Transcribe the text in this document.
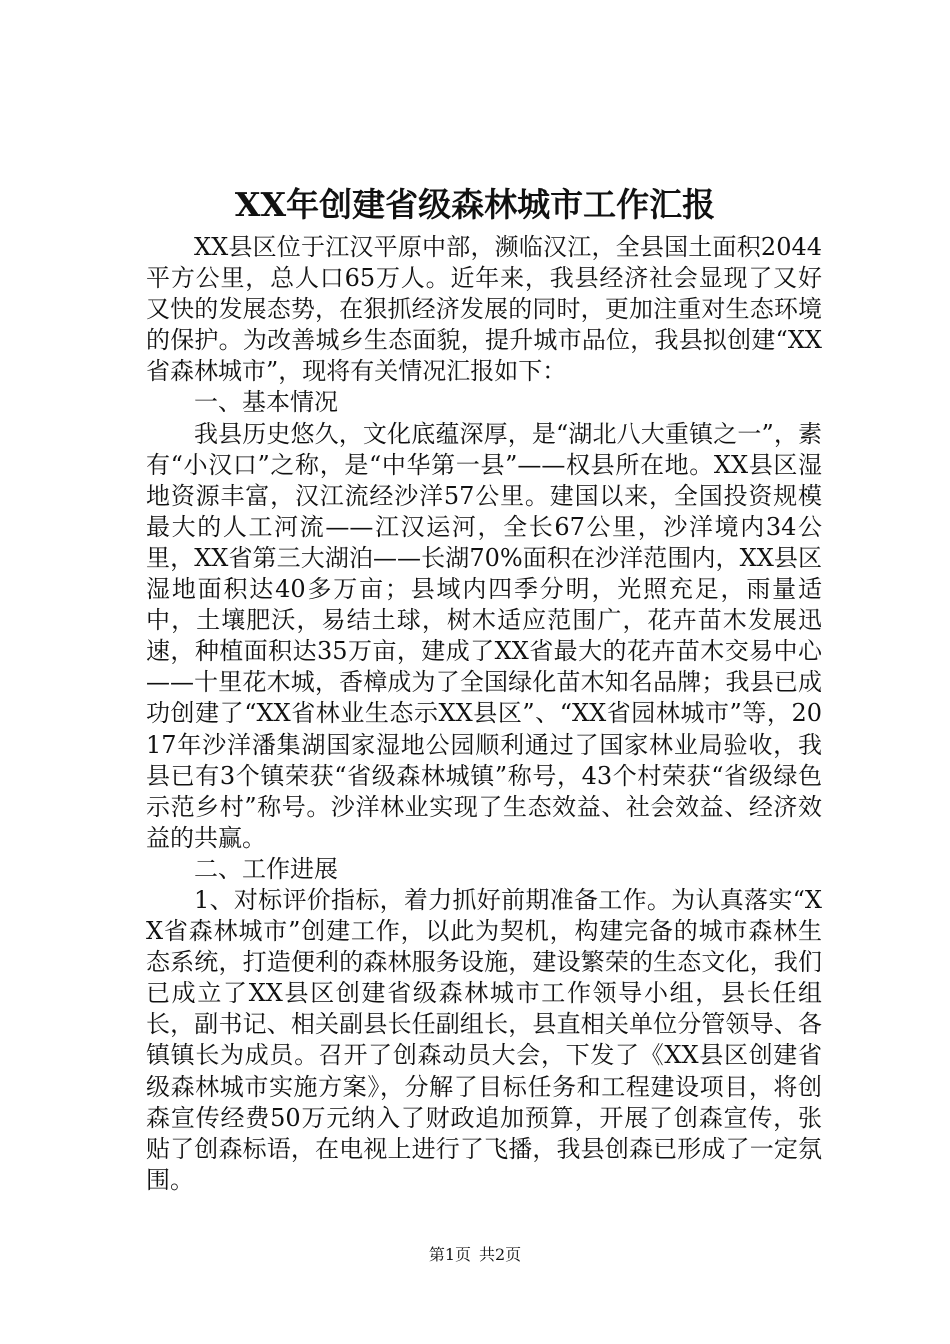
XX年创建省级森林城市工作汇报

XX县区位于江汉平原中部，濒临汉江，全县国土面积2044平方公里，总人口65万人。近年来，我县经济社会显现了又好又快的发展态势，在狠抓经济发展的同时，更加注重对生态环境的保护。为改善城乡生态面貌，提升城市品位，我县拟创建“XX省森林城市”，现将有关情况汇报如下：

一、基本情况

我县历史悠久，文化底蕴深厚，是“湖北八大重镇之一”，素有“小汉口”之称，是“中华第一县”——权县所在地。XX县区湿地资源丰富，汉江流经沙洋57公里。建国以来，全国投资规模最大的人工河流——江汉运河，全长67公里，沙洋境内34公里，XX省第三大湖泊——长湖70%面积在沙洋范围内，XX县区湿地面积达40多万亩；县域内四季分明，光照充足，雨量适中，土壤肥沃，易结土球，树木适应范围广，花卉苗木发展迅速，种植面积达35万亩，建成了XX省最大的花卉苗木交易中心——十里花木城，香樟成为了全国绿化苗木知名品牌；我县已成功创建了“XX省林业生态示XX县区”、“XX省园林城市”等，2017年沙洋潘集湖国家湿地公园顺利通过了国家林业局验收，我县已有3个镇荣获“省级森林城镇”称号，43个村荣获“省级绿色示范乡村”称号。沙洋林业实现了生态效益、社会效益、经济效益的共赢。

二、工作进展

1、对标评价指标，着力抓好前期准备工作。为认真落实“XX省森林城市”创建工作，以此为契机，构建完备的城市森林生态系统，打造便利的森林服务设施，建设繁荣的生态文化，我们已成立了XX县区创建省级森林城市工作领导小组，县长任组长，副书记、相关副县长任副组长，县直相关单位分管领导、各镇镇长为成员。召开了创森动员大会，下发了《XX县区创建省级森林城市实施方案》，分解了目标任务和工程建设项目，将创森宣传经费50万元纳入了财政追加预算，开展了创森宣传，张贴了创森标语，在电视上进行了飞播，我县创森已形成了一定氛围。

第1页 共2页
